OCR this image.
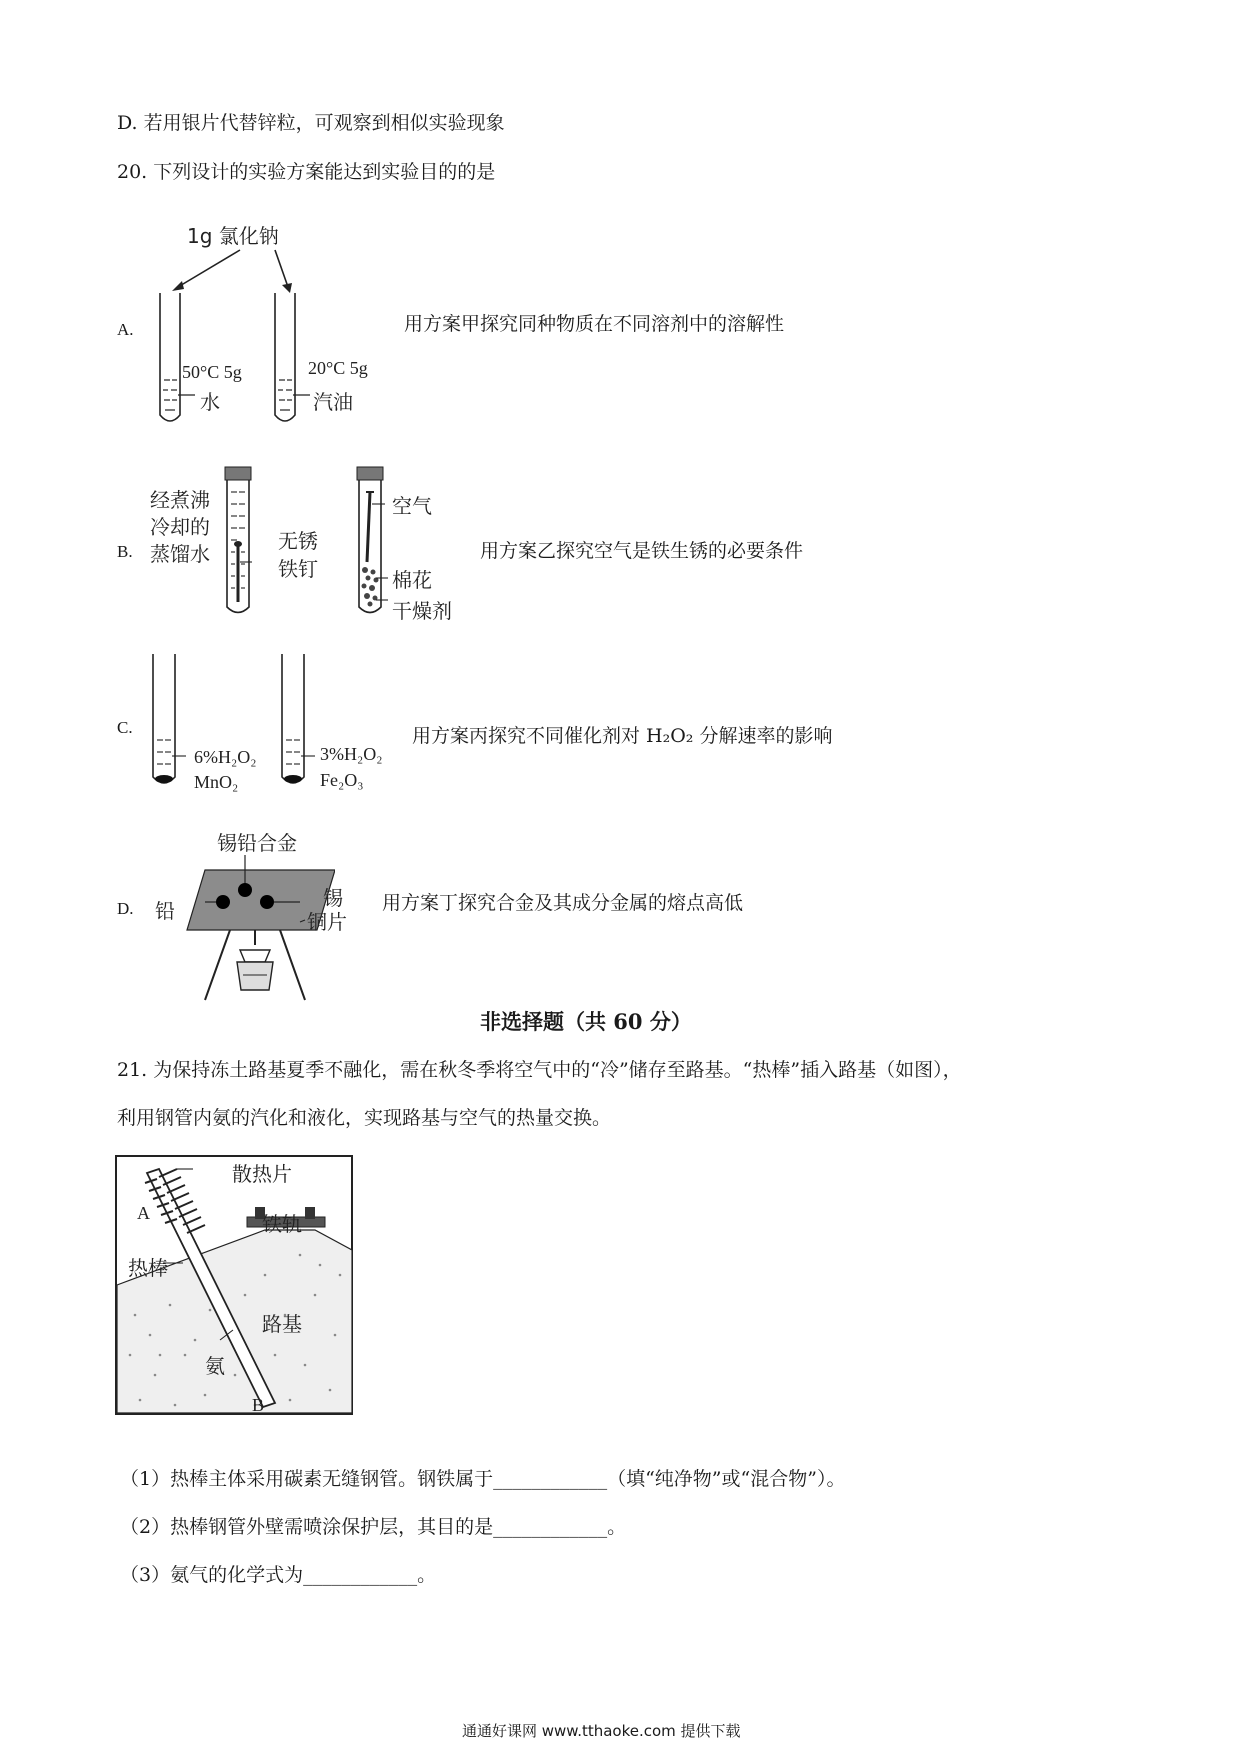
D. 若用银片代替锌粒，可观察到相似实验现象
20. 下列设计的实验方案能达到实验目的的是
A.
1g 氯化钠
50°C 5g
水
20°C 5g
汽油
用方案甲探究同种物质在不同溶剂中的溶解性
B.
经煮沸
冷却的
蒸馏水
无锈
铁钉
空气
棉花
干燥剂
用方案乙探究空气是铁生锈的必要条件
C.
6%H₂O₂
MnO₂
3%H₂O₂
Fe₂O₃
用方案丙探究不同催化剂对 H₂O₂ 分解速率的影响
D.
锡铅合金
铅
锡
铜片
用方案丁探究合金及其成分金属的熔点高低
非选择题（共 60 分）
21. 为保持冻土路基夏季不融化，需在秋冬季将空气中的“冷”储存至路基。“热棒”插入路基（如图），
利用钢管内氨的汽化和液化，实现路基与空气的热量交换。
散热片
A	铁轨
热棒
路基
氨
B
（1）热棒主体采用碳素无缝钢管。钢铁属于____________（填“纯净物”或“混合物”）。
（2）热棒钢管外壁需喷涂保护层，其目的是____________。
（3）氨气的化学式为____________。
通通好课网 www.tthaoke.com 提供下载
